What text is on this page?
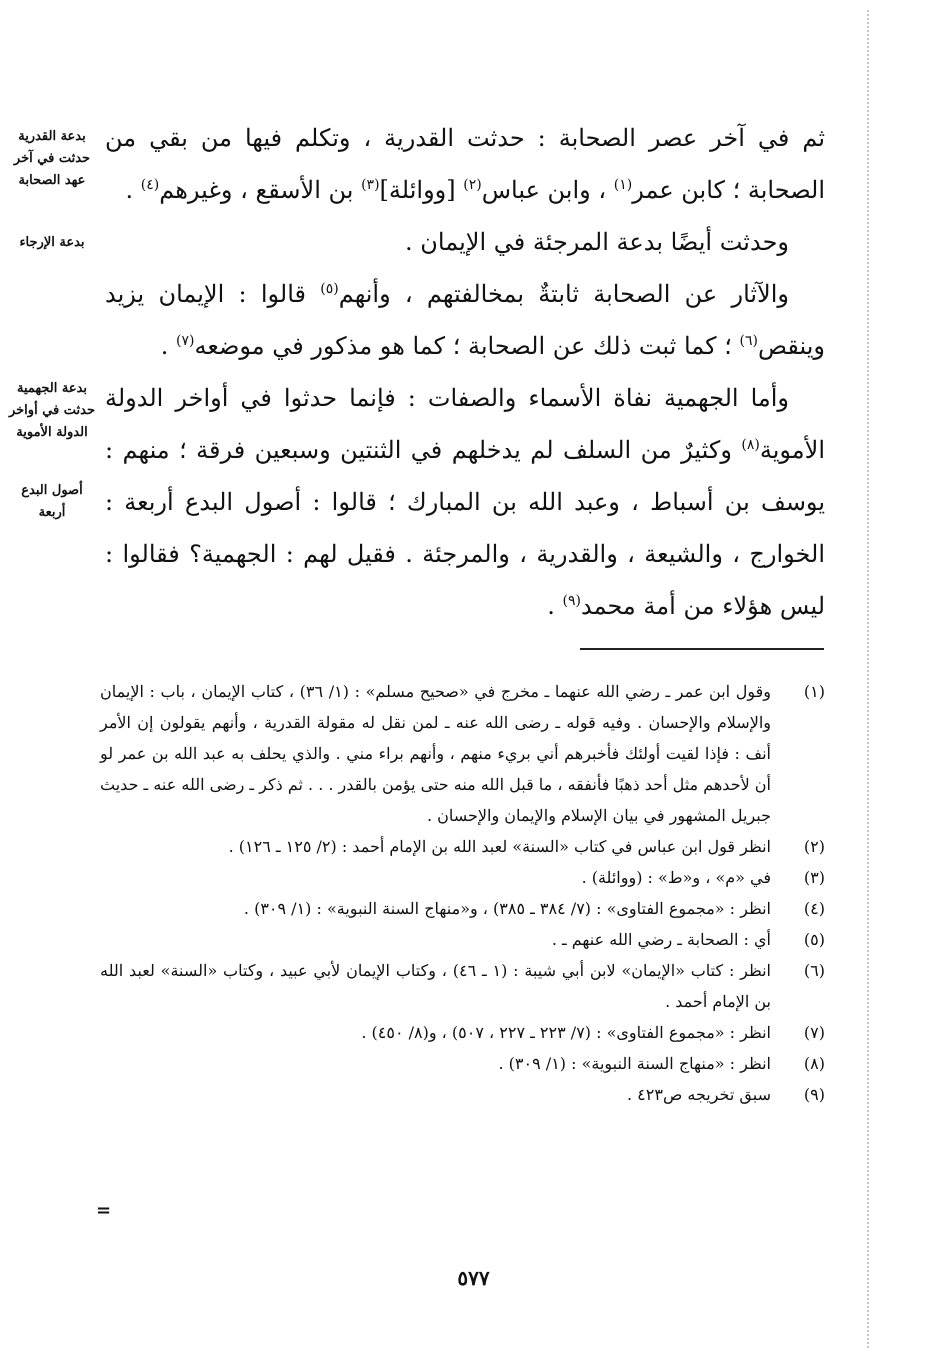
بدعة القدرية حدثت في آخر عهد الصحابة
بدعة الإرجاء
بدعة الجهمية حدثت في أواخر الدولة الأموية
أصول البدع أربعة

ثم في آخر عصر الصحابة : حدثت القدرية ، وتكلم فيها من بقي من الصحابة ؛ كابن عمر$^{(١)}$ ، وابن عباس$^{(٢)}$ [ووائلة]$^{(٣)}$ بن الأسقع ، وغيرهم$^{(٤)}$ .

وحدثت أيضًا بدعة المرجئة في الإيمان .

والآثار عن الصحابة ثابتةٌ بمخالفتهم ، وأنهم$^{(٥)}$ قالوا : الإيمان يزيد وينقص$^{(٦)}$ ؛ كما ثبت ذلك عن الصحابة ؛ كما هو مذكور في موضعه$^{(٧)}$ .

وأما الجهمية نفاة الأسماء والصفات : فإنما حدثوا في أواخر الدولة الأموية$^{(٨)}$ وكثيرٌ من السلف لم يدخلهم في الثنتين وسبعين فرقة ؛ منهم : يوسف بن أسباط ، وعبد الله بن المبارك ؛ قالوا : أصول البدع أربعة : الخوارج ، والشيعة ، والقدرية ، والمرجئة . فقيل لهم : الجهمية؟ فقالوا : ليس هؤلاء من أمة محمد$^{(٩)}$ .

(١)
وقول ابن عمر ـ رضي الله عنهما ـ مخرج في «صحيح مسلم» : (١/ ٣٦) ، كتاب الإيمان ، باب : الإيمان والإسلام والإحسان . وفيه قوله ـ رضى الله عنه ـ لمن نقل له مقولة القدرية ، وأنهم يقولون إن الأمر أنف : فإذا لقيت أولئك فأخبرهم أني بريء منهم ، وأنهم براء مني . والذي يحلف به عبد الله بن عمر لو أن لأحدهم مثل أحد ذهبًا فأنفقه ، ما قبل الله منه حتى يؤمن بالقدر . . . ثم ذكر ـ رضى الله عنه ـ حديث جبريل المشهور في بيان الإسلام والإيمان والإحسان .
(٢)
انظر قول ابن عباس في كتاب «السنة» لعبد الله بن الإمام أحمد : (٢/ ١٢٥ ـ ١٢٦) .
(٣)
في «م» ، و«ط» : (ووائلة) .
(٤)
انظر : «مجموع الفتاوى» : (٧/ ٣٨٤ ـ ٣٨٥) ، و«منهاج السنة النبوية» : (١/ ٣٠٩) .
(٥)
أي : الصحابة ـ رضي الله عنهم ـ .
(٦)
انظر : كتاب «الإيمان» لابن أبي شيبة : (١ ـ ٤٦) ، وكتاب الإيمان لأبي عبيد ، وكتاب «السنة» لعبد الله بن الإمام أحمد .
(٧)
انظر : «مجموع الفتاوى» : (٧/ ٢٢٣ ـ ٢٢٧ ، ٥٠٧) ، و(٨/ ٤٥٠) .
(٨)
انظر : «منهاج السنة النبوية» : (١/ ٣٠٩) .
(٩)
سبق تخريجه ص٤٢٣ .
=
٥٧٧
